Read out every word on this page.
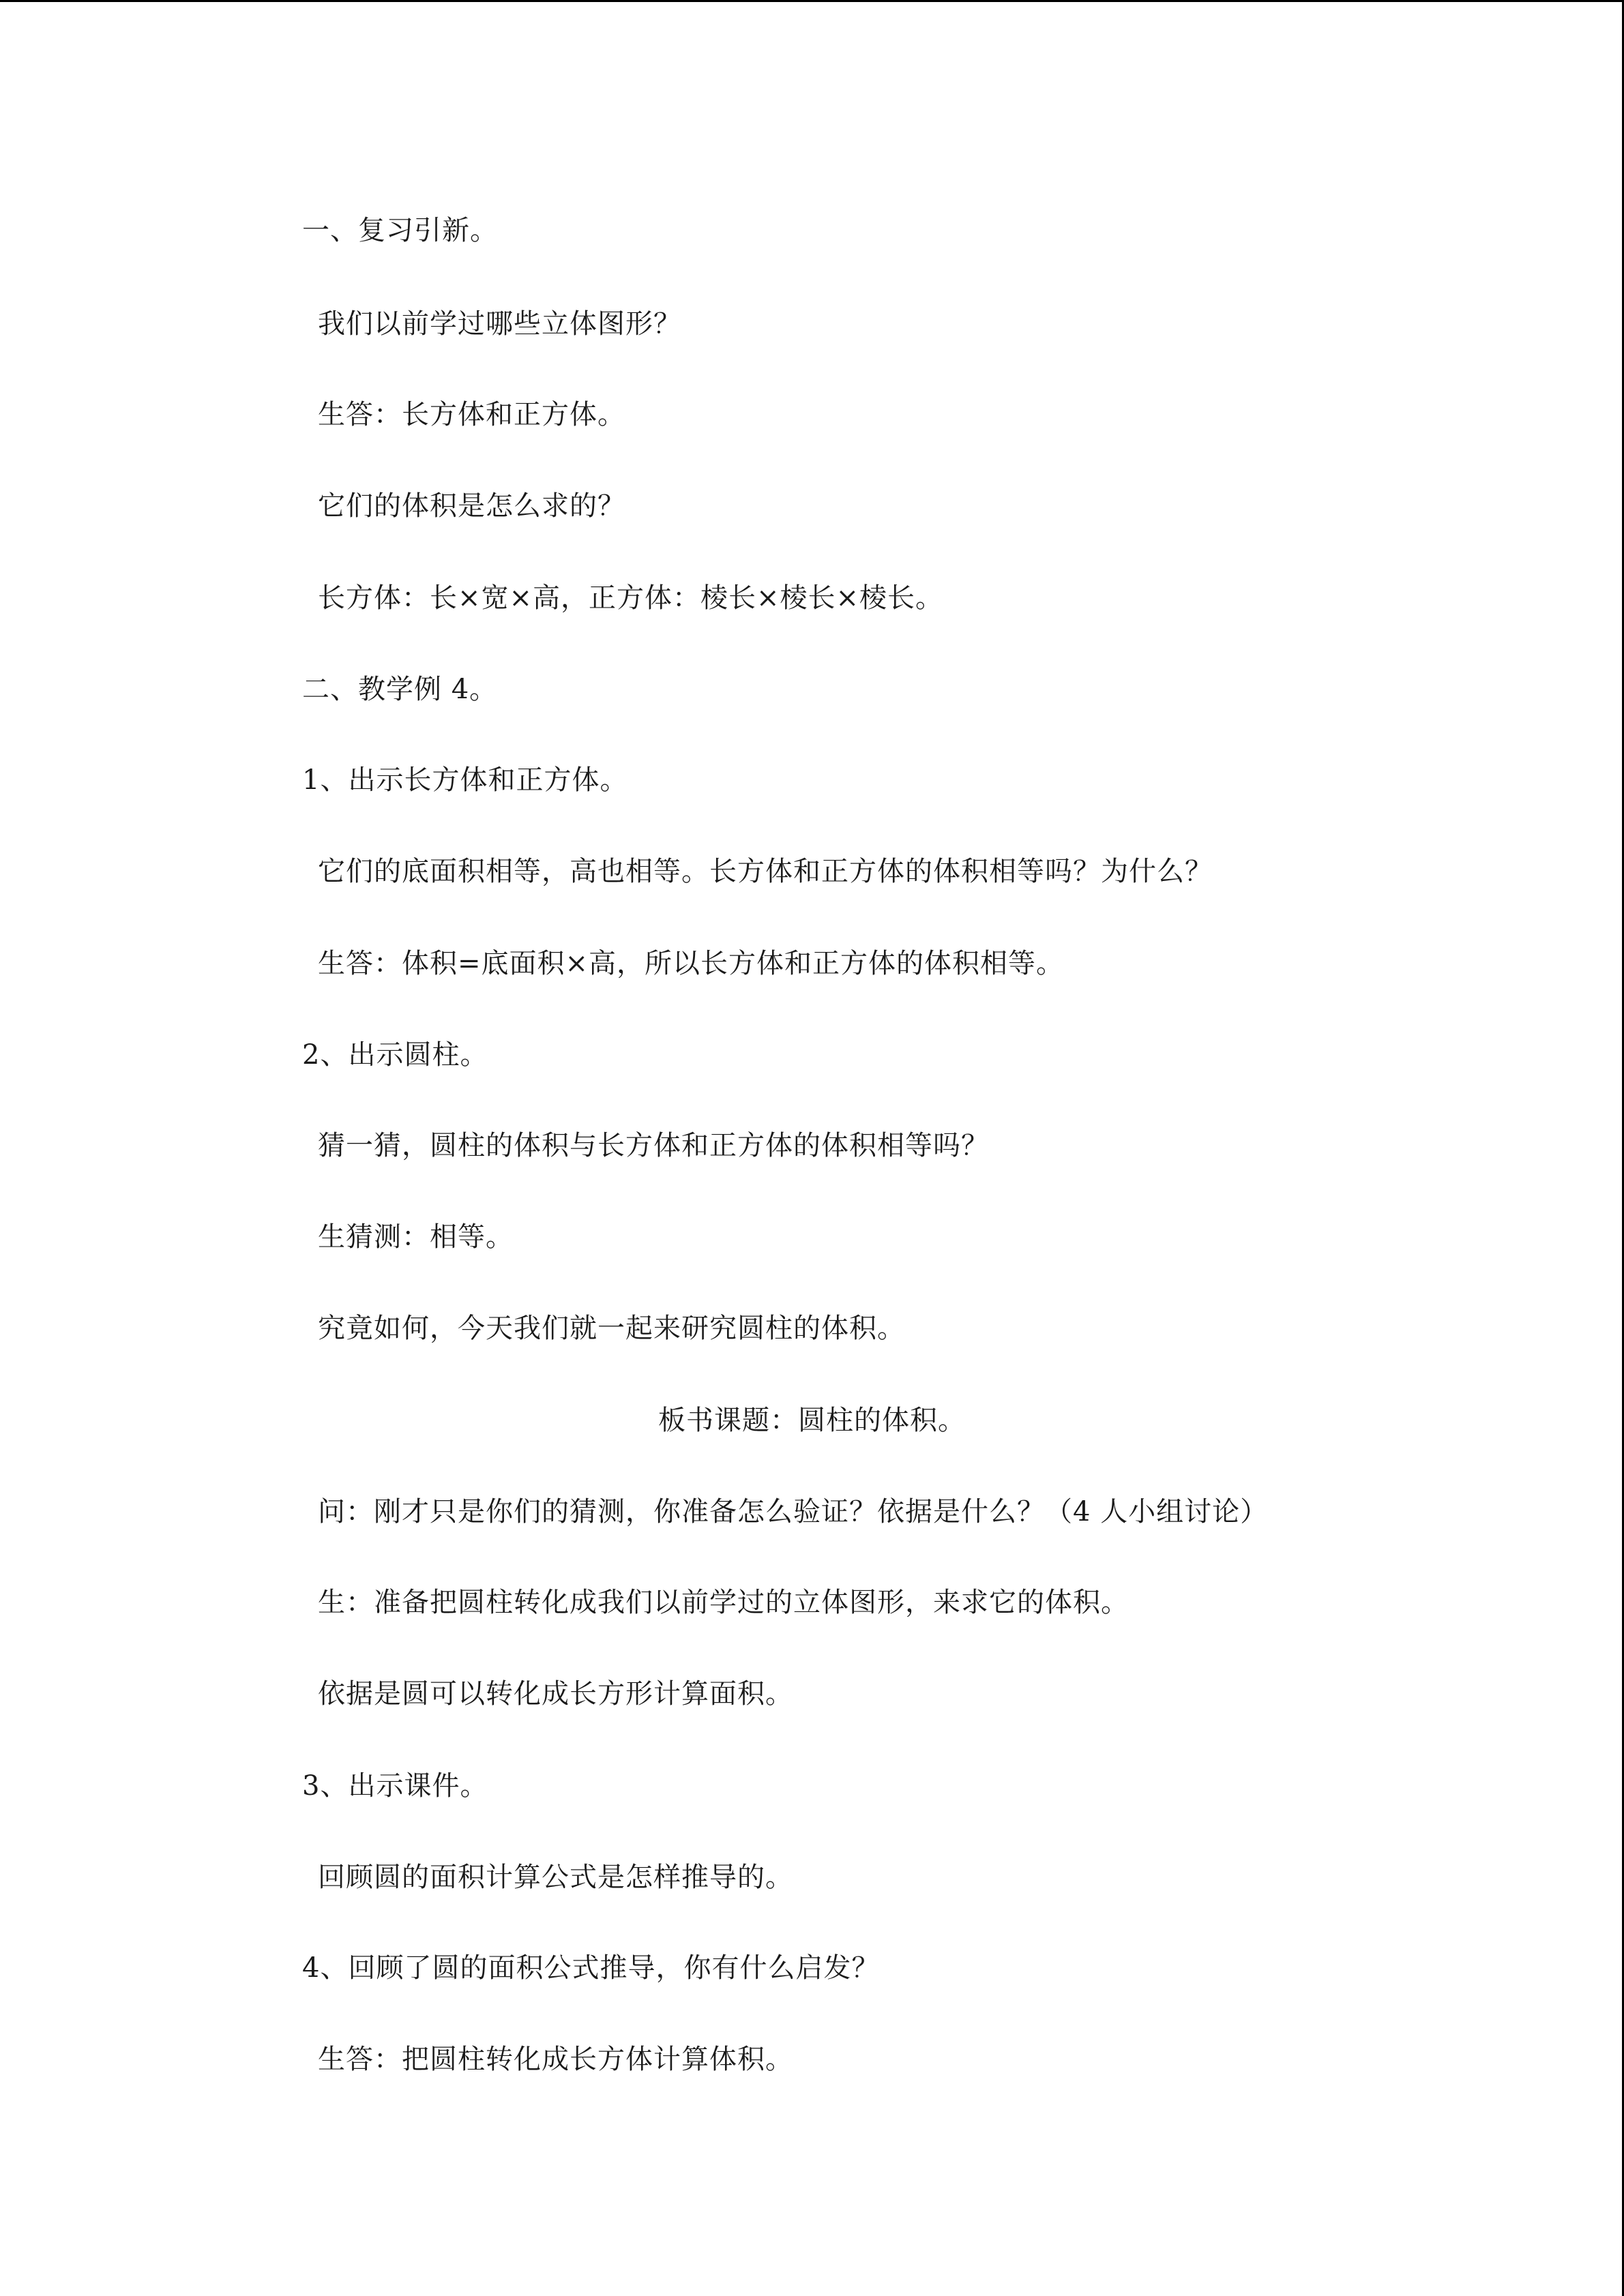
一、复习引新。
我们以前学过哪些立体图形？
生答：长方体和正方体。
它们的体积是怎么求的？
长方体：长×宽×高，正方体：棱长×棱长×棱长。
二、教学例 4。
1、出示长方体和正方体。
它们的底面积相等，高也相等。长方体和正方体的体积相等吗？为什么？
生答：体积=底面积×高，所以长方体和正方体的体积相等。
2、出示圆柱。
猜一猜，圆柱的体积与长方体和正方体的体积相等吗？
生猜测：相等。
究竟如何，今天我们就一起来研究圆柱的体积。
板书课题：圆柱的体积。
问：刚才只是你们的猜测，你准备怎么验证？依据是什么？（4 人小组讨论）
生：准备把圆柱转化成我们以前学过的立体图形，来求它的体积。
依据是圆可以转化成长方形计算面积。
3、出示课件。
回顾圆的面积计算公式是怎样推导的。
4、回顾了圆的面积公式推导，你有什么启发？
生答：把圆柱转化成长方体计算体积。
